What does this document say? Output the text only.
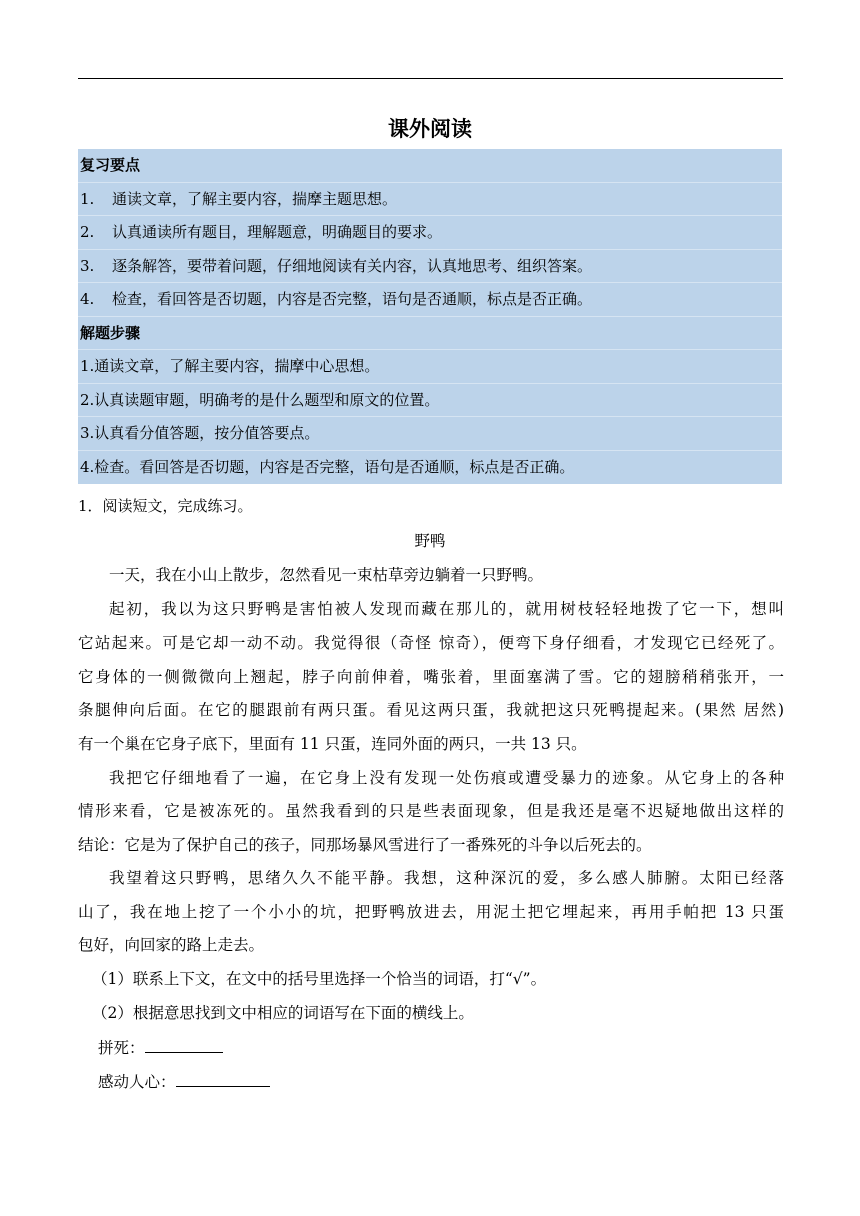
课外阅读
复习要点
1. 通读文章，了解主要内容，揣摩主题思想。
2. 认真通读所有题目，理解题意，明确题目的要求。
3. 逐条解答，要带着问题，仔细地阅读有关内容，认真地思考、组织答案。
4. 检查，看回答是否切题，内容是否完整，语句是否通顺，标点是否正确。
解题步骤
1.通读文章，了解主要内容，揣摩中心思想。
2.认真读题审题，明确考的是什么题型和原文的位置。
3.认真看分值答题，按分值答要点。
4.检查。看回答是否切题，内容是否完整，语句是否通顺，标点是否正确。
1．阅读短文，完成练习。
野鸭
一天，我在小山上散步，忽然看见一束枯草旁边躺着一只野鸭。
起初，我以为这只野鸭是害怕被人发现而藏在那儿的，就用树枝轻轻地拨了它一下，想叫
它站起来。可是它却一动不动。我觉得很（奇怪 惊奇），便弯下身仔细看，才发现它已经死了。
它身体的一侧微微向上翘起，脖子向前伸着，嘴张着，里面塞满了雪。它的翅膀稍稍张开，一
条腿伸向后面。在它的腿跟前有两只蛋。看见这两只蛋，我就把这只死鸭提起来。(果然 居然)
有一个巢在它身子底下，里面有 11 只蛋，连同外面的两只，一共 13 只。
我把它仔细地看了一遍，在它身上没有发现一处伤痕或遭受暴力的迹象。从它身上的各种
情形来看，它是被冻死的。虽然我看到的只是些表面现象，但是我还是毫不迟疑地做出这样的
结论：它是为了保护自己的孩子，同那场暴风雪进行了一番殊死的斗争以后死去的。
我望着这只野鸭，思绪久久不能平静。我想，这种深沉的爱，多么感人肺腑。太阳已经落
山了，我在地上挖了一个小小的坑，把野鸭放进去，用泥土把它埋起来，再用手帕把 13 只蛋
包好，向回家的路上走去。
（1）联系上下文，在文中的括号里选择一个恰当的词语，打“√”。
（2）根据意思找到文中相应的词语写在下面的横线上。
拼死：
感动人心：
